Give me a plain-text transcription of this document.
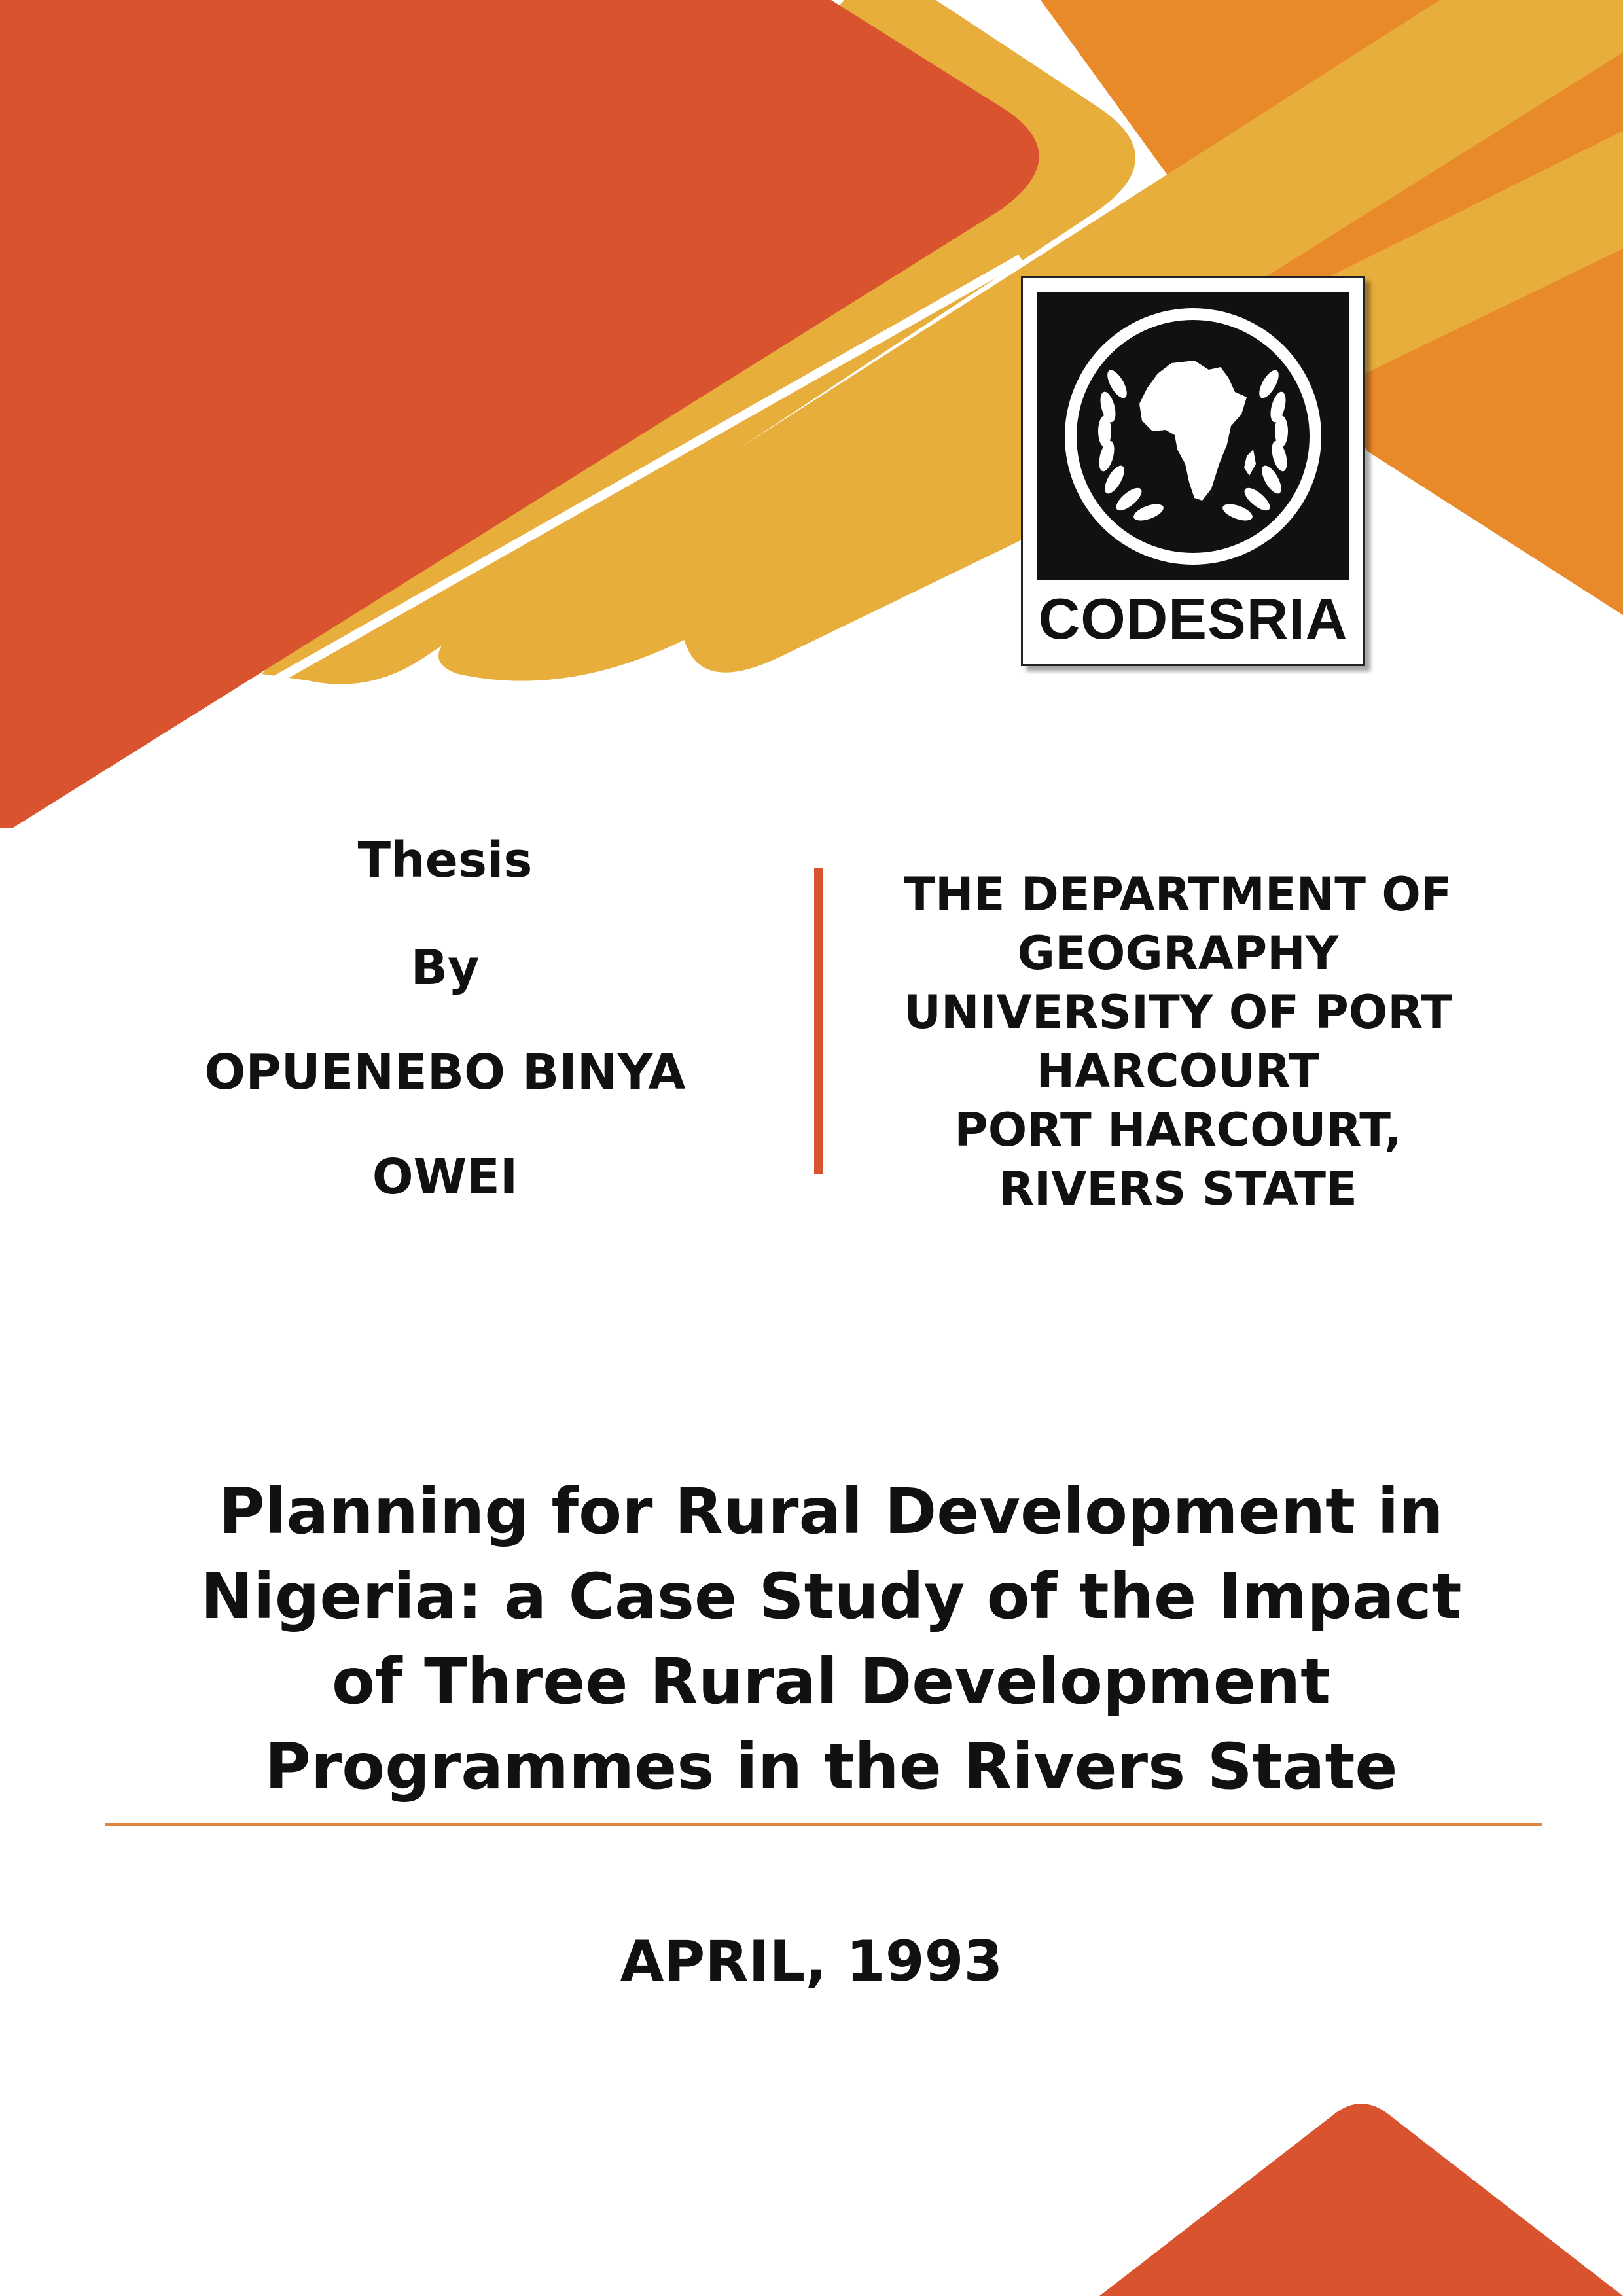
CODESRIA
Thesis
By
OPUENEBO BINYA
OWEI
THE DEPARTMENT OF
GEOGRAPHY
UNIVERSITY OF PORT
HARCOURT
PORT HARCOURT,
RIVERS STATE
Planning for Rural Development in
Nigeria: a Case Study of the Impact
of Three Rural Development
Programmes in the Rivers State
APRIL, 1993
